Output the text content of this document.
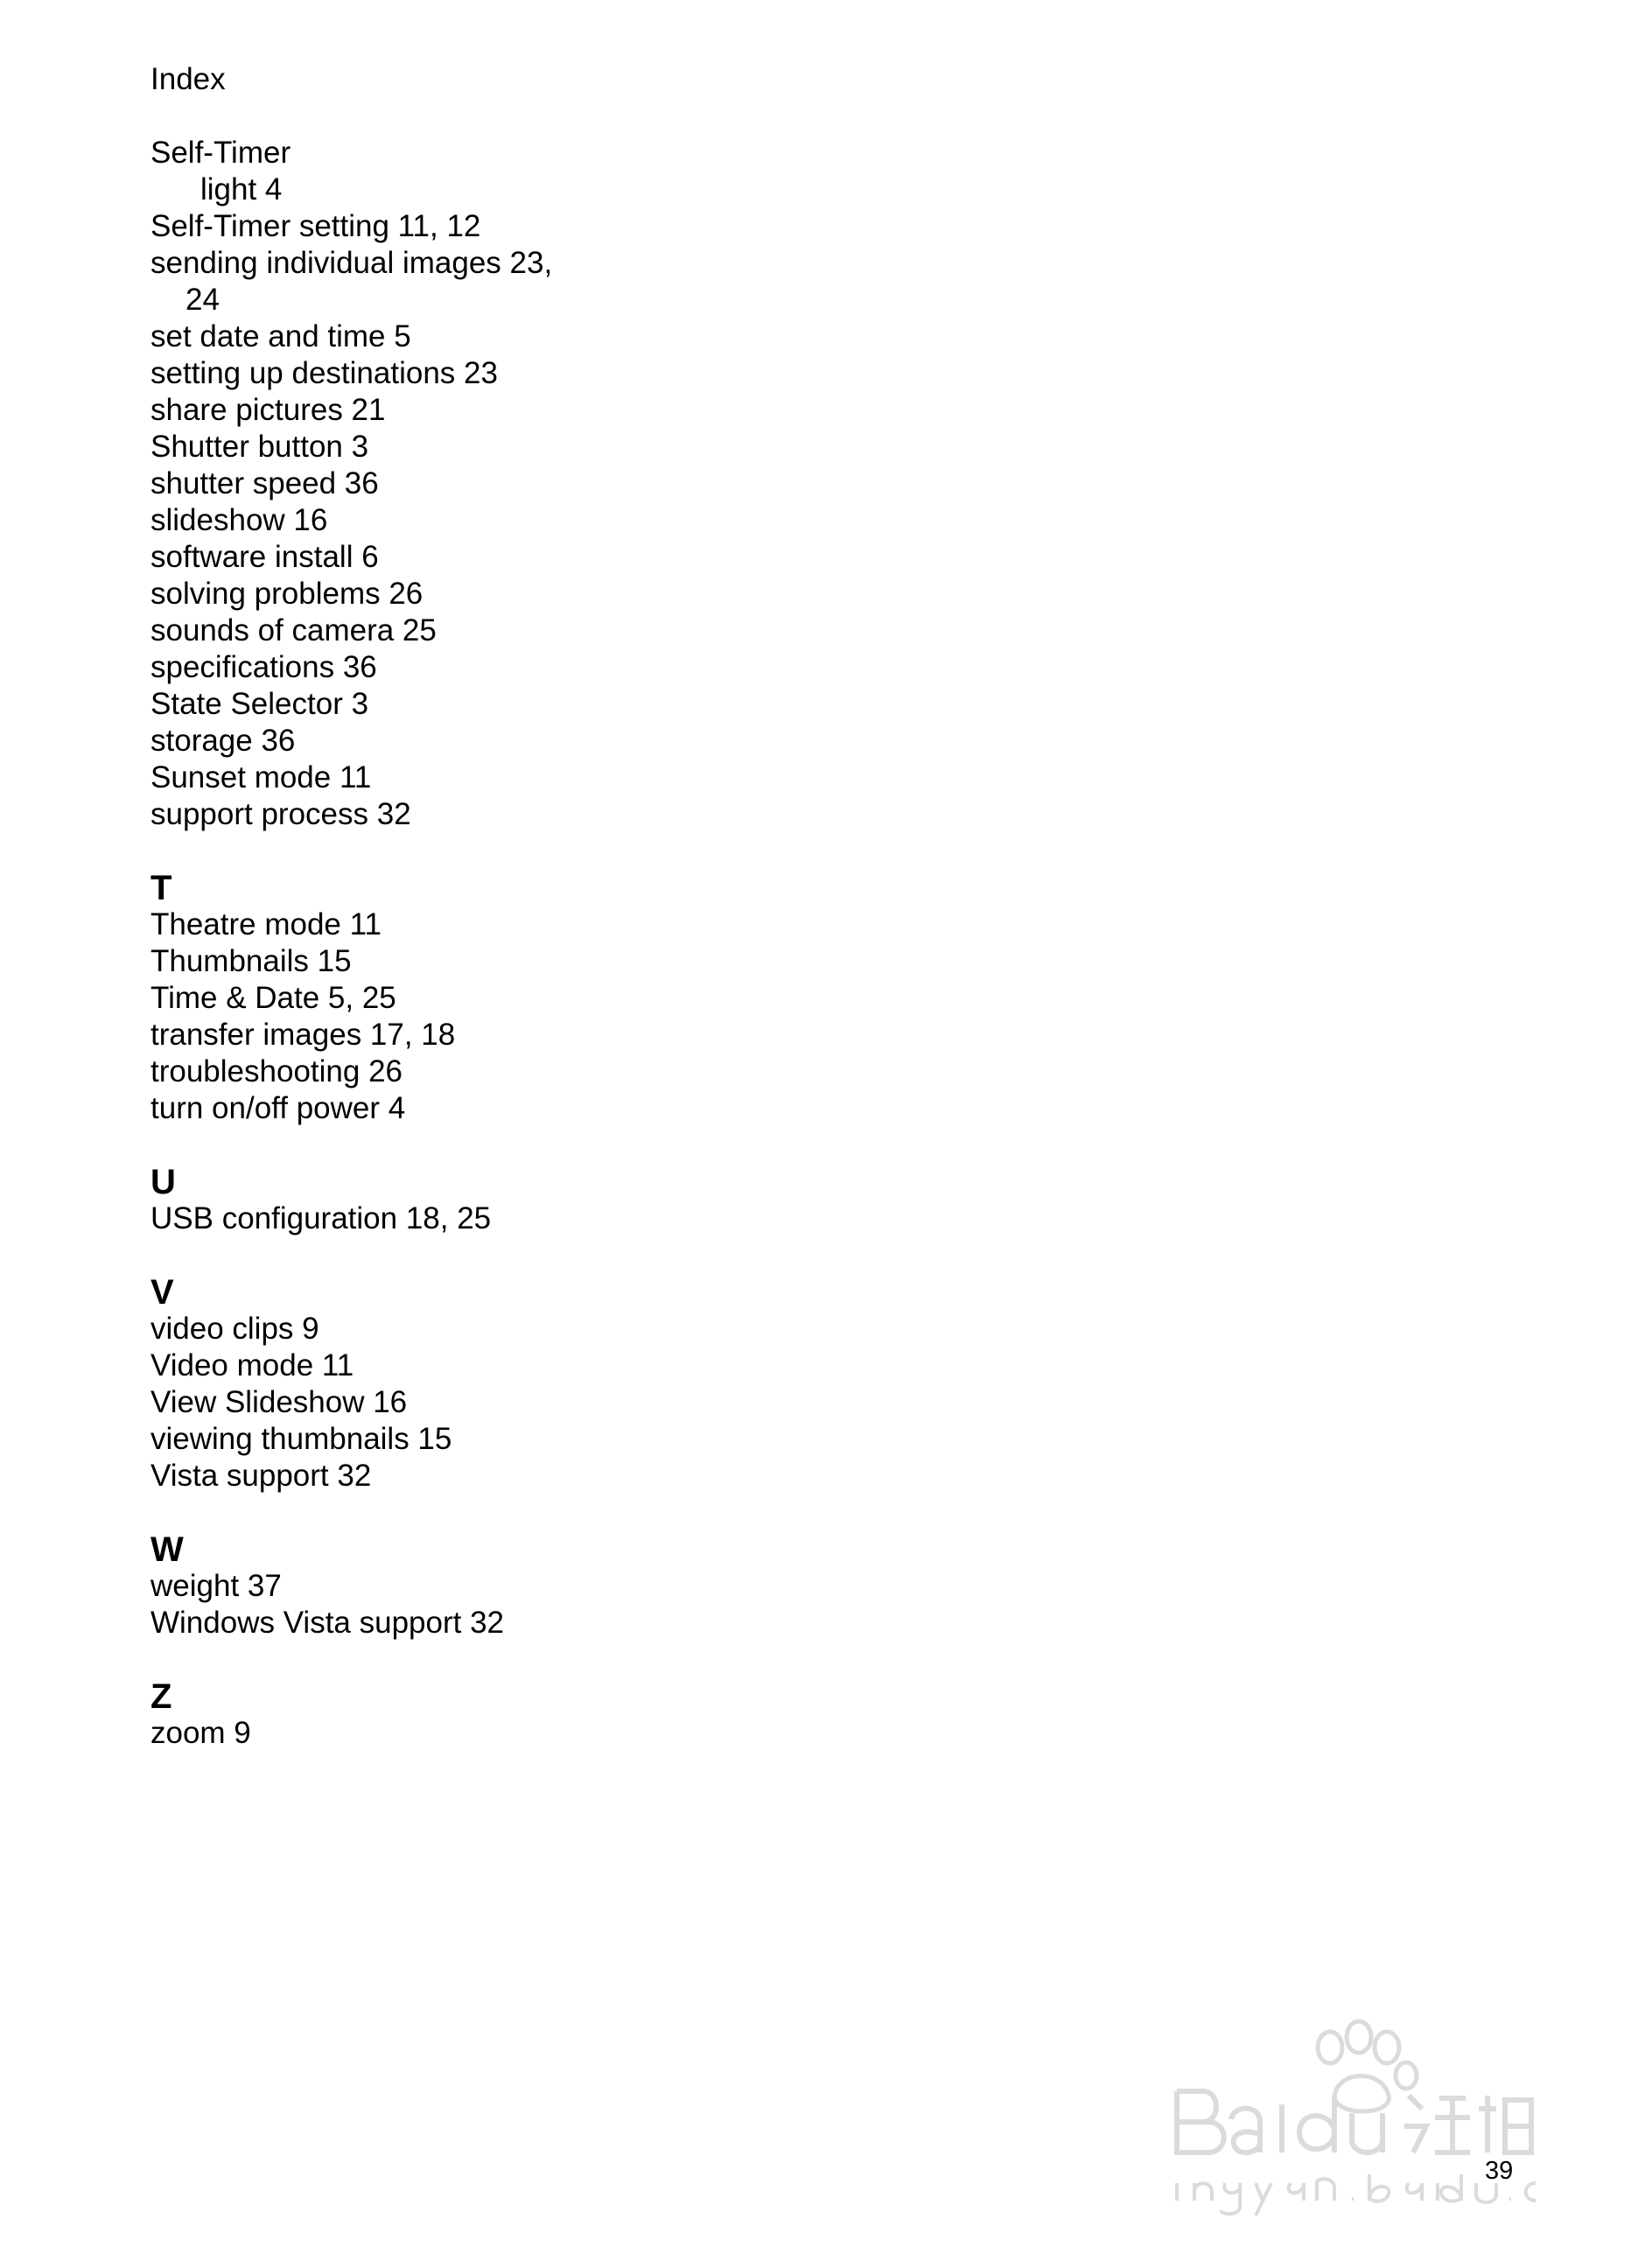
Index
Self-Timer
light 4
Self-Timer setting 11, 12
sending individual images 23,
24
set date and time 5
setting up destinations 23
share pictures 21
Shutter button 3
shutter speed 36
slideshow 16
software install 6
solving problems 26
sounds of camera 25
specifications 36
State Selector 3
storage 36
Sunset mode 11
support process 32
T
Theatre mode 11
Thumbnails 15
Time & Date 5, 25
transfer images 17, 18
troubleshooting 26
turn on/off power 4
U
USB configuration 18, 25
V
video clips 9
Video mode 11
View Slideshow 16
viewing thumbnails 15
Vista support 32
W
weight 37
Windows Vista support 32
Z
zoom 9
39
